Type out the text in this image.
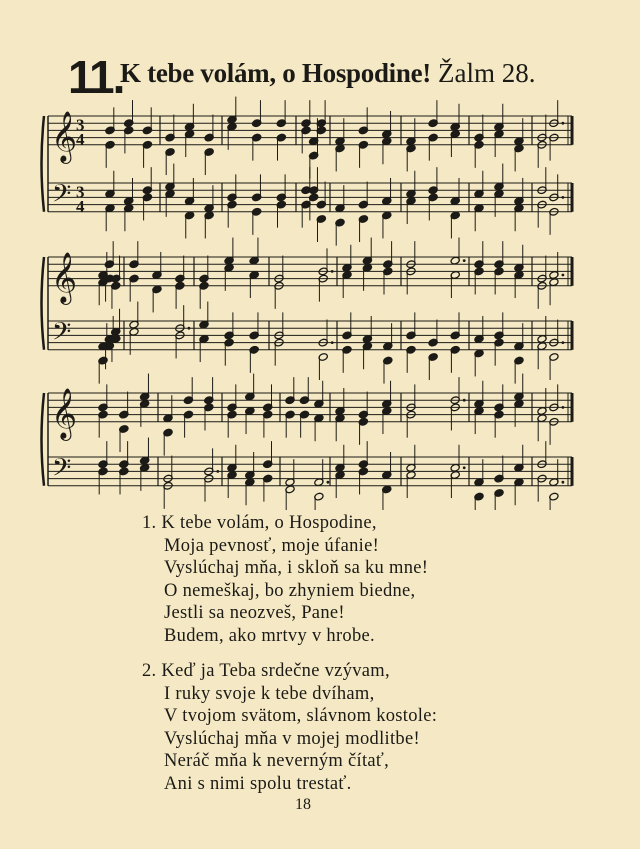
11.
K tebe volám, o Hospodine! Žalm 28.
𝄞
3
4
𝄢 3
4
𝄞
𝄢
𝄞
𝄢
1. K tebe volám, o Hospodine,
Moja pevnosť, moje úfanie!
Vyslúchaj mňa, i skloň sa ku mne!
O nemeškaj, bo zhyniem biedne,
Jestli sa neozveš, Pane!
Budem, ako mrtvy v hrobe.
2. Keď ja Teba srdečne vzývam,
I ruky svoje k tebe dvíham,
V tvojom svätom, slávnom kostole:
Vyslúchaj mňa v mojej modlitbe!
Neráč mňa k neverným čítať,
Ani s nimi spolu trestať.
18
